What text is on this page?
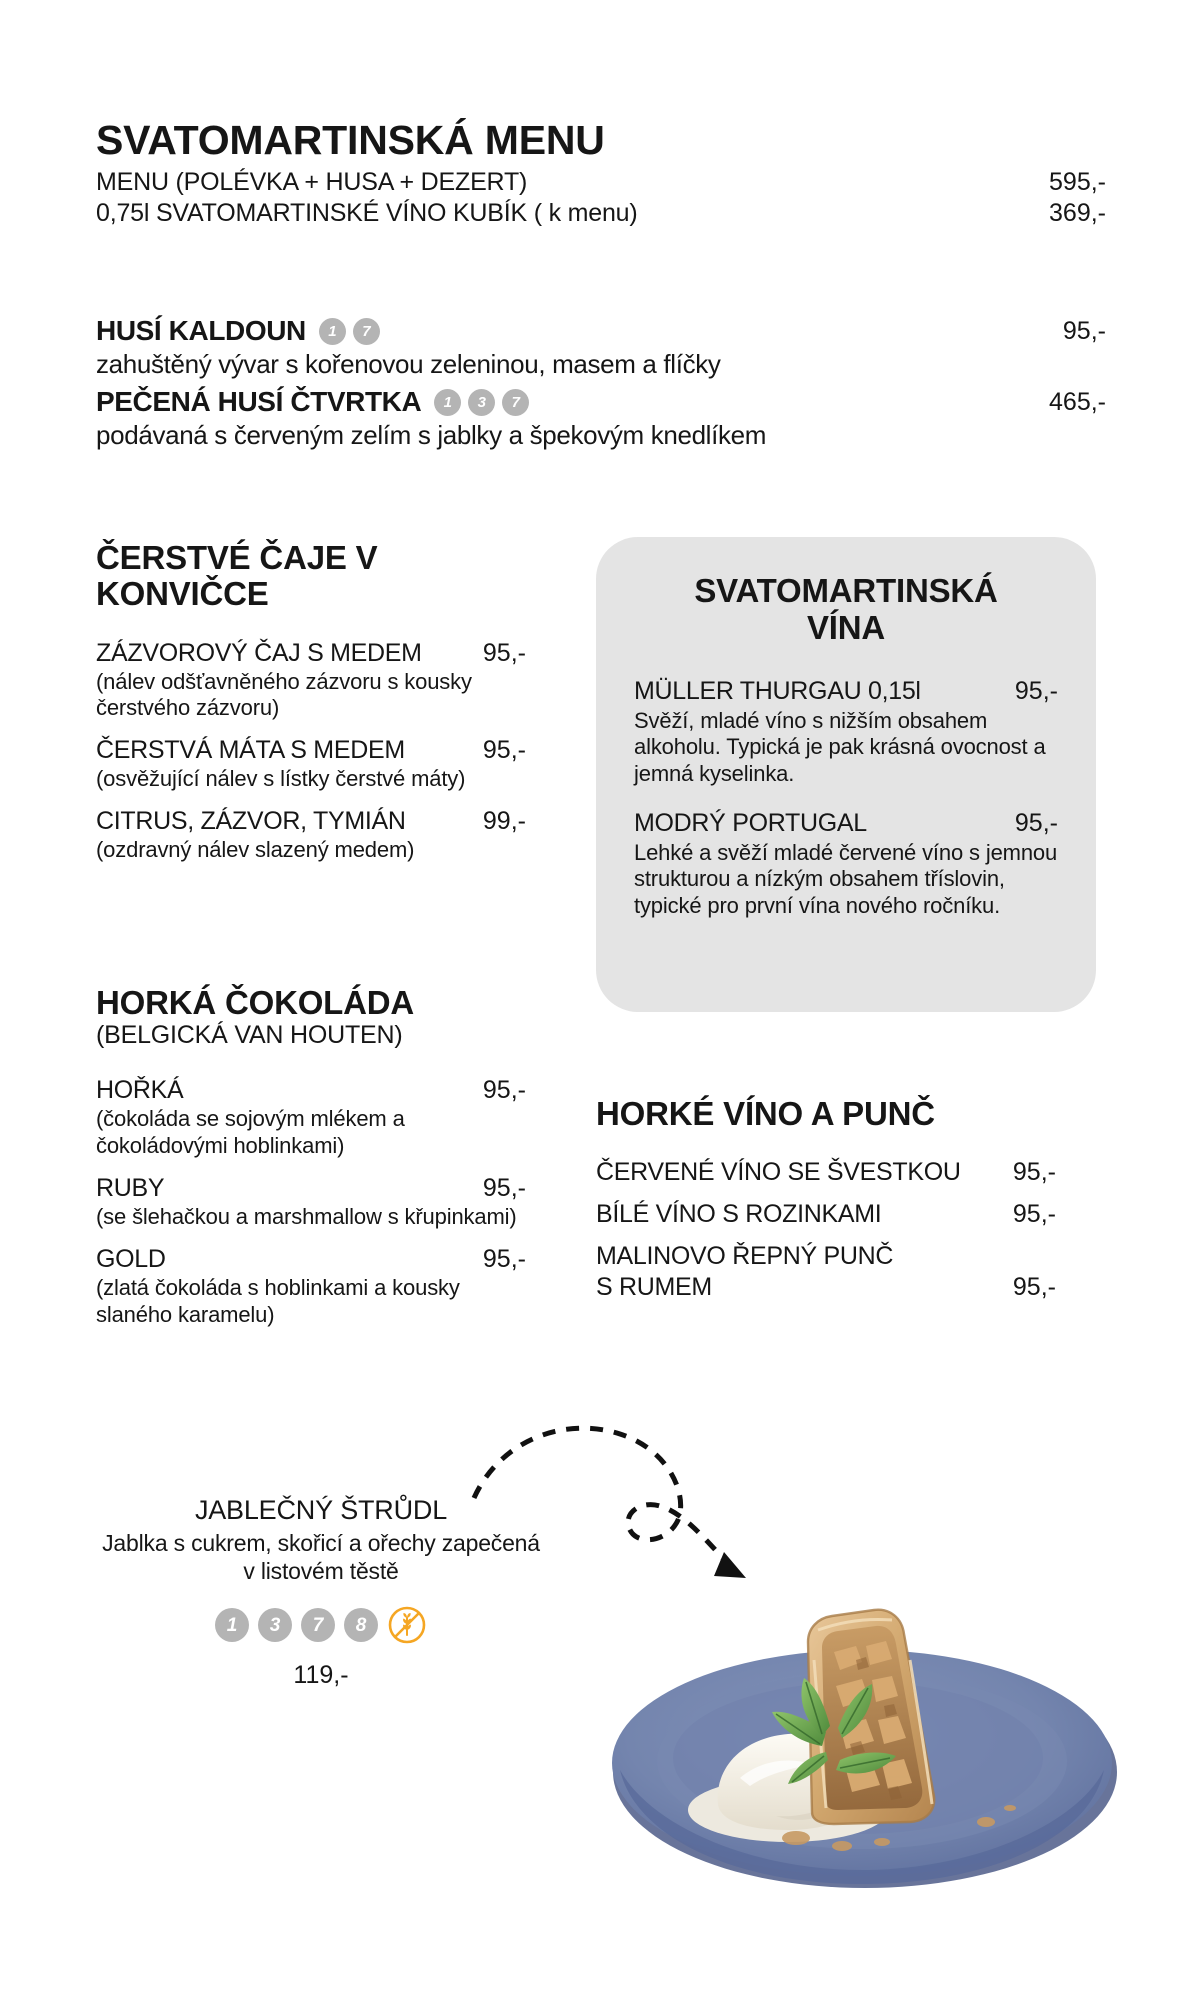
SVATOMARTINSKÁ MENU
MENU (POLÉVKA + HUSA + DEZERT)	595,-
0,75l SVATOMARTINSKÉ VÍNO KUBÍK ( k menu)	369,-
HUSÍ KALDOUN	1	7	95,-
zahuštěný vývar s kořenovou zeleninou, masem a flíčky
PEČENÁ HUSÍ ČTVRTKA	1	3	7	465,-
podávaná s červeným zelím s jablky a špekovým knedlíkem
ČERSTVÉ ČAJE V KONVIČCE
ZÁZVOROVÝ ČAJ S MEDEM 95,-
(nálev odšťavněného zázvoru s kousky čerstvého zázvoru)
ČERSTVÁ MÁTA S MEDEM	95,-
(osvěžující nálev s lístky čerstvé máty)
CITRUS, ZÁZVOR, TYMIÁN	99,-
(ozdravný nálev slazený medem)
HORKÁ ČOKOLÁDA
(BELGICKÁ VAN HOUTEN)
HOŘKÁ	95,-
(čokoláda se sojovým mlékem a čokoládovými hoblinkami)
RUBY	95,-
(se šlehačkou a marshmallow s křupinkami)
GOLD	95,-
(zlatá čokoláda s hoblinkami a kousky slaného karamelu)
SVATOMARTINSKÁ
VÍNA
MÜLLER THURGAU 0,15l	95,-
Svěží, mladé víno s nižším obsahem alkoholu. Typická je pak krásná ovocnost a jemná kyselinka.
MODRÝ PORTUGAL	95,-
Lehké a svěží mladé červené víno s jemnou strukturou a nízkým obsahem tříslovin, typické pro první vína nového ročníku.
HORKÉ VÍNO A PUNČ
ČERVENÉ VÍNO SE ŠVESTKOU 95,-
BÍLÉ VÍNO S ROZINKAMI	95,-
MALINOVO ŘEPNÝ PUNČ
S RUMEM	95,-
JABLEČNÝ ŠTRŮDL
Jablka s cukrem, skořicí a ořechy zapečená v listovém těstě
1	3	7	8
119,-
